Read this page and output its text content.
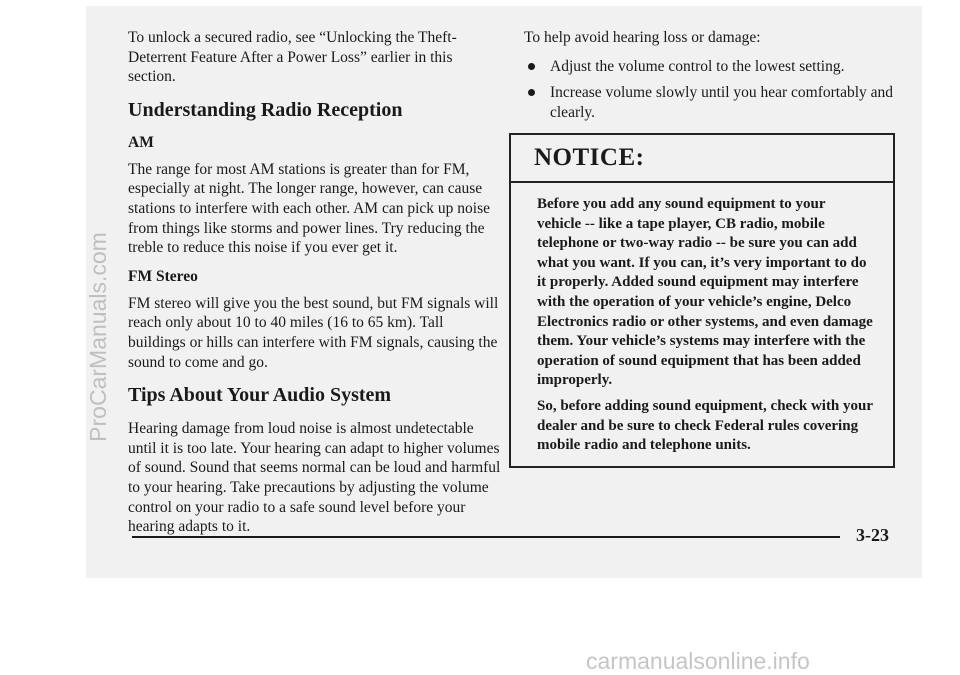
To unlock a secured radio, see “Unlocking the Theft-Deterrent Feature After a Power Loss” earlier in this section.

Understanding Radio Reception
AM

The range for most AM stations is greater than for FM, especially at night. The longer range, however, can cause stations to interfere with each other. AM can pick up noise from things like storms and power lines. Try reducing the treble to reduce this noise if you ever get it.

FM Stereo

FM stereo will give you the best sound, but FM signals will reach only about 10 to 40 miles (16 to 65 km). Tall buildings or hills can interfere with FM signals, causing the sound to come and go.

Tips About Your Audio System

Hearing damage from loud noise is almost undetectable until it is too late. Your hearing can adapt to higher volumes of sound. Sound that seems normal can be loud and harmful to your hearing. Take precautions by adjusting the volume control on your radio to a safe sound level before your hearing adapts to it.

To help avoid hearing loss or damage:

Adjust the volume control to the lowest setting.

Increase volume slowly until you hear comfortably and clearly.

NOTICE:

Before you add any sound equipment to your vehicle -- like a tape player, CB radio, mobile telephone or two-way radio -- be sure you can add what you want. If you can, it’s very important to do it properly. Added sound equipment may interfere with the operation of your vehicle’s engine, Delco Electronics radio or other systems, and even damage them. Your vehicle’s systems may interfere with the operation of sound equipment that has been added improperly.

So, before adding sound equipment, check with your dealer and be sure to check Federal rules covering mobile radio and telephone units.

3-23
ProCarManuals.com
carmanualsonline.info
